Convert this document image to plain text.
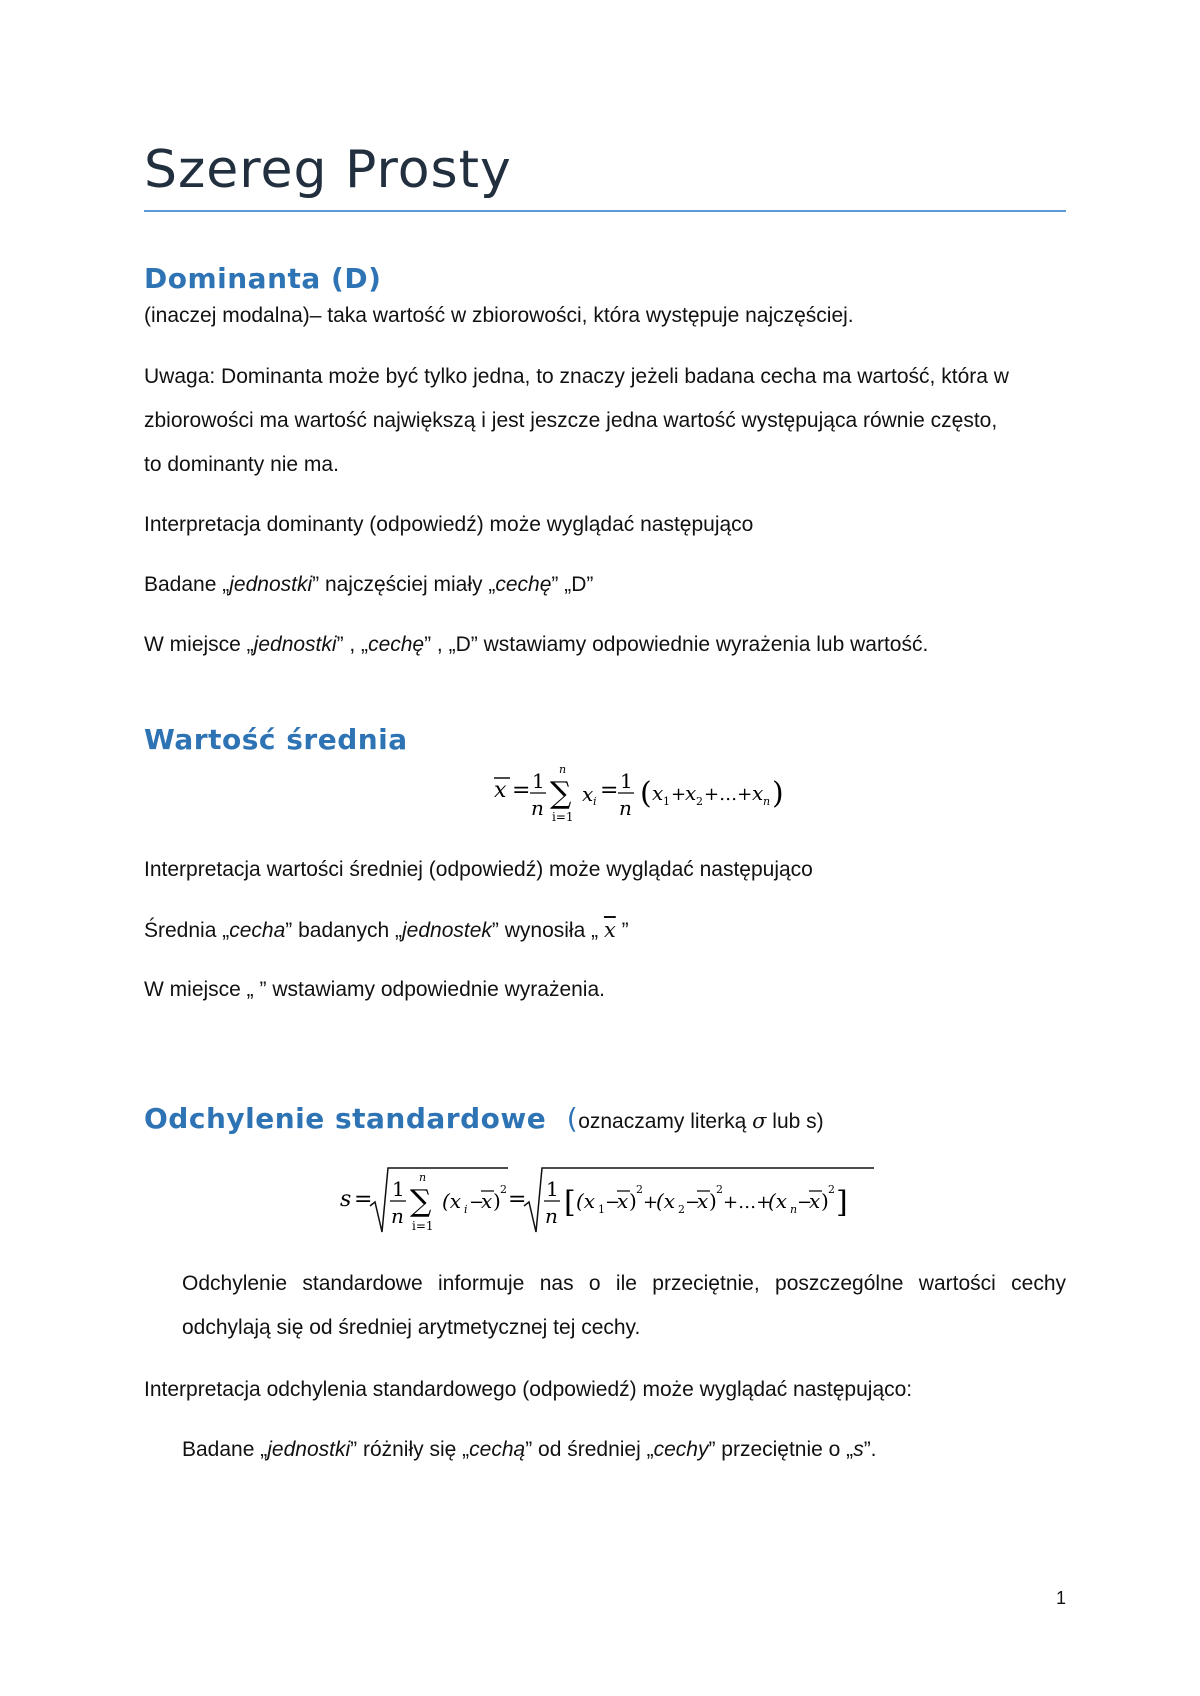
Szereg Prosty
Dominanta (D)

(inaczej modalna)– taka wartość w zbiorowości, która występuje najczęściej.

Uwaga: Dominanta może być tylko jedna, to znaczy jeżeli badana cecha ma wartość, która w

zbiorowości ma wartość największą i jest jeszcze jedna wartość występująca równie często,

to dominanty nie ma.

Interpretacja dominanty (odpowiedź) może wyglądać następująco

Badane „jednostki” najczęściej miały „cechę” „D”

W miejsce „jednostki” , „cechę” , „D” wstawiamy odpowiednie wyrażenia lub wartość.

Wartość średnia
x = 1
n ∑
n
i=1
x i = 1
n ( x 1 +
x 2 +…+ x n )

Interpretacja wartości średniej (odpowiedź) może wyglądać następująco

Średnia „cecha” badanych „jednostek” wynosiła „ $\overline{x}$ ”

W miejsce „ ” wstawiamy odpowiednie wyrażenia.

Odchylenie standardowe (oznaczamy literką σ lub s)
s = 1
n ∑
n
i=1
(x i −
x ) 2 = 1
n [ (x 1 −
x ) 2
+
(x 2 −
x ) 2
+…+
(x n −
x ) 2 ]

Odchylenie standardowe informuje nas o ile przeciętnie, poszczególne wartości cechy odchylają się od średniej arytmetycznej tej cechy.

Interpretacja odchylenia standardowego (odpowiedź) może wyglądać następująco:

Badane „jednostki” różniły się „cechą” od średniej „cechy” przeciętnie o „s”.

1
